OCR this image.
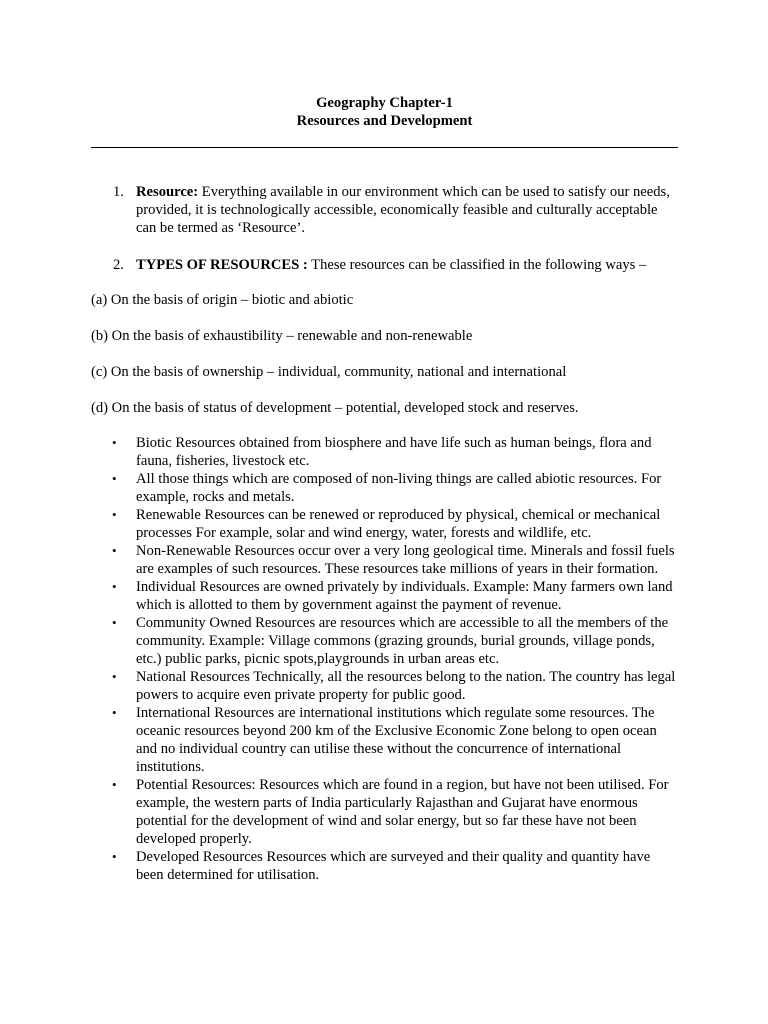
Geography Chapter-1
Resources and Development
1. Resource: Everything available in our environment which can be used to satisfy our needs, provided, it is technologically accessible, economically feasible and culturally acceptable can be termed as ‘Resource’.
2. TYPES OF RESOURCES : These resources can be classified in the following ways –
(a) On the basis of origin – biotic and abiotic
(b) On the basis of exhaustibility – renewable and non-renewable
(c) On the basis of ownership – individual, community, national and international
(d) On the basis of status of development – potential, developed stock and reserves.
• Biotic Resources obtained from biosphere and have life such as human beings, flora and fauna, fisheries, livestock etc.
• All those things which are composed of non-living things are called abiotic resources. For example, rocks and metals.
• Renewable Resources can be renewed or reproduced by physical, chemical or mechanical processes For example, solar and wind energy, water, forests and wildlife, etc.
• Non-Renewable Resources occur over a very long geological time. Minerals and fossil fuels are examples of such resources. These resources take millions of years in their formation.
• Individual Resources are owned privately by individuals. Example: Many farmers own land which is allotted to them by government against the payment of revenue.
• Community Owned Resources are resources which are accessible to all the members of the community. Example: Village commons (grazing grounds, burial grounds, village ponds, etc.) public parks, picnic spots,playgrounds in urban areas etc.
• National Resources Technically, all the resources belong to the nation. The country has legal powers to acquire even private property for public good.
• International Resources are international institutions which regulate some resources. The oceanic resources beyond 200 km of the Exclusive Economic Zone belong to open ocean and no individual country can utilise these without the concurrence of international institutions.
• Potential Resources: Resources which are found in a region, but have not been utilised. For example, the western parts of India particularly Rajasthan and Gujarat have enormous potential for the development of wind and solar energy, but so far these have not been developed properly.
• Developed Resources Resources which are surveyed and their quality and quantity have been determined for utilisation.
